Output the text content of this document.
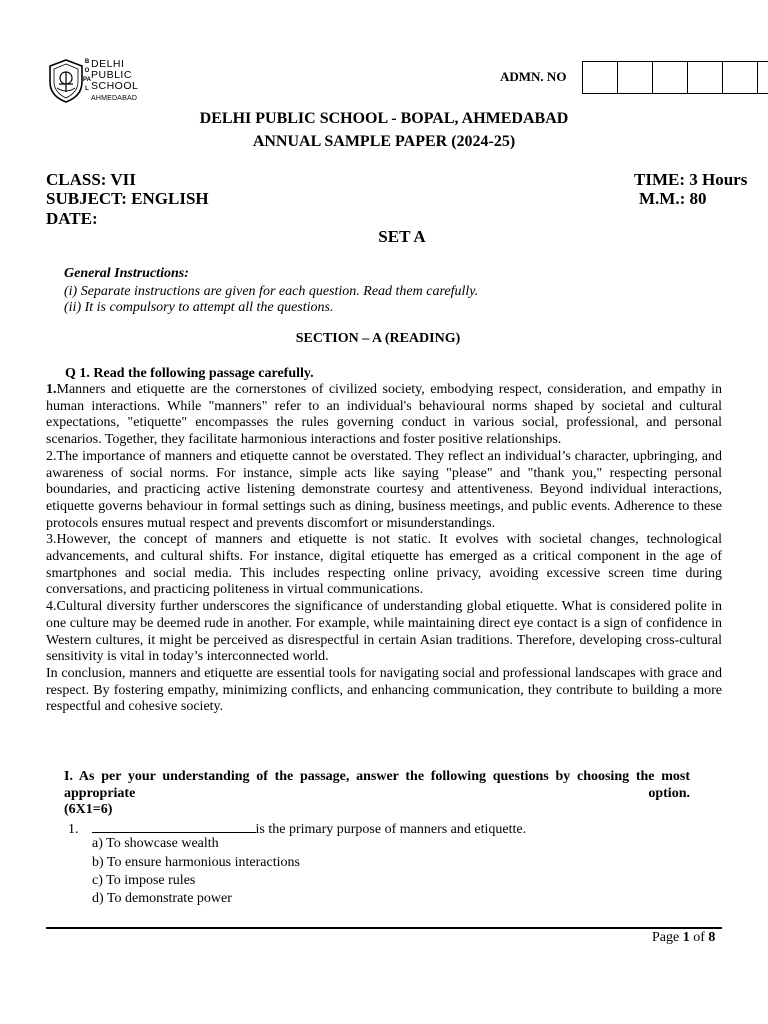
BOPAL
DELHI
PUBLIC
SCHOOL
AHMEDABAD
ADMN. NO
DELHI PUBLIC SCHOOL - BOPAL, AHMEDABAD
ANNUAL SAMPLE PAPER (2024-25)
CLASS: VII
SUBJECT: ENGLISH
DATE:
TIME: 3 Hours
M.M.: 80
SET A
General Instructions:
(i) Separate instructions are given for each question. Read them carefully.
(ii) It is compulsory to attempt all the questions.
SECTION – A (READING)
Q 1. Read the following passage carefully.

1.Manners and etiquette are the cornerstones of civilized society, embodying respect, consideration, and empathy in human interactions. While "manners" refer to an individual's behavioural norms shaped by societal and cultural expectations, "etiquette" encompasses the rules governing conduct in various social, professional, and personal scenarios. Together, they facilitate harmonious interactions and foster positive relationships.

2.The importance of manners and etiquette cannot be overstated. They reflect an individual’s character, upbringing, and awareness of social norms. For instance, simple acts like saying "please" and "thank you," respecting personal boundaries, and practicing active listening demonstrate courtesy and attentiveness. Beyond individual interactions, etiquette governs behaviour in formal settings such as dining, business meetings, and public events. Adherence to these protocols ensures mutual respect and prevents discomfort or misunderstandings.

3.However, the concept of manners and etiquette is not static. It evolves with societal changes, technological advancements, and cultural shifts. For instance, digital etiquette has emerged as a critical component in the age of smartphones and social media. This includes respecting online privacy, avoiding excessive screen time during conversations, and practicing politeness in virtual communications.

4.Cultural diversity further underscores the significance of understanding global etiquette. What is considered polite in one culture may be deemed rude in another. For example, while maintaining direct eye contact is a sign of confidence in Western cultures, it might be perceived as disrespectful in certain Asian traditions. Therefore, developing cross-cultural sensitivity is vital in today’s interconnected world.

In conclusion, manners and etiquette are essential tools for navigating social and professional landscapes with grace and respect. By fostering empathy, minimizing conflicts, and enhancing communication, they contribute to building a more respectful and cohesive society.

I. As per your understanding of the passage, answer the following questions by choosing the most appropriate option.
(6X1=6)
1.	is the primary purpose of manners and etiquette.
a) To showcase wealth
b) To ensure harmonious interactions
c) To impose rules
d) To demonstrate power
Page 1 of 8
